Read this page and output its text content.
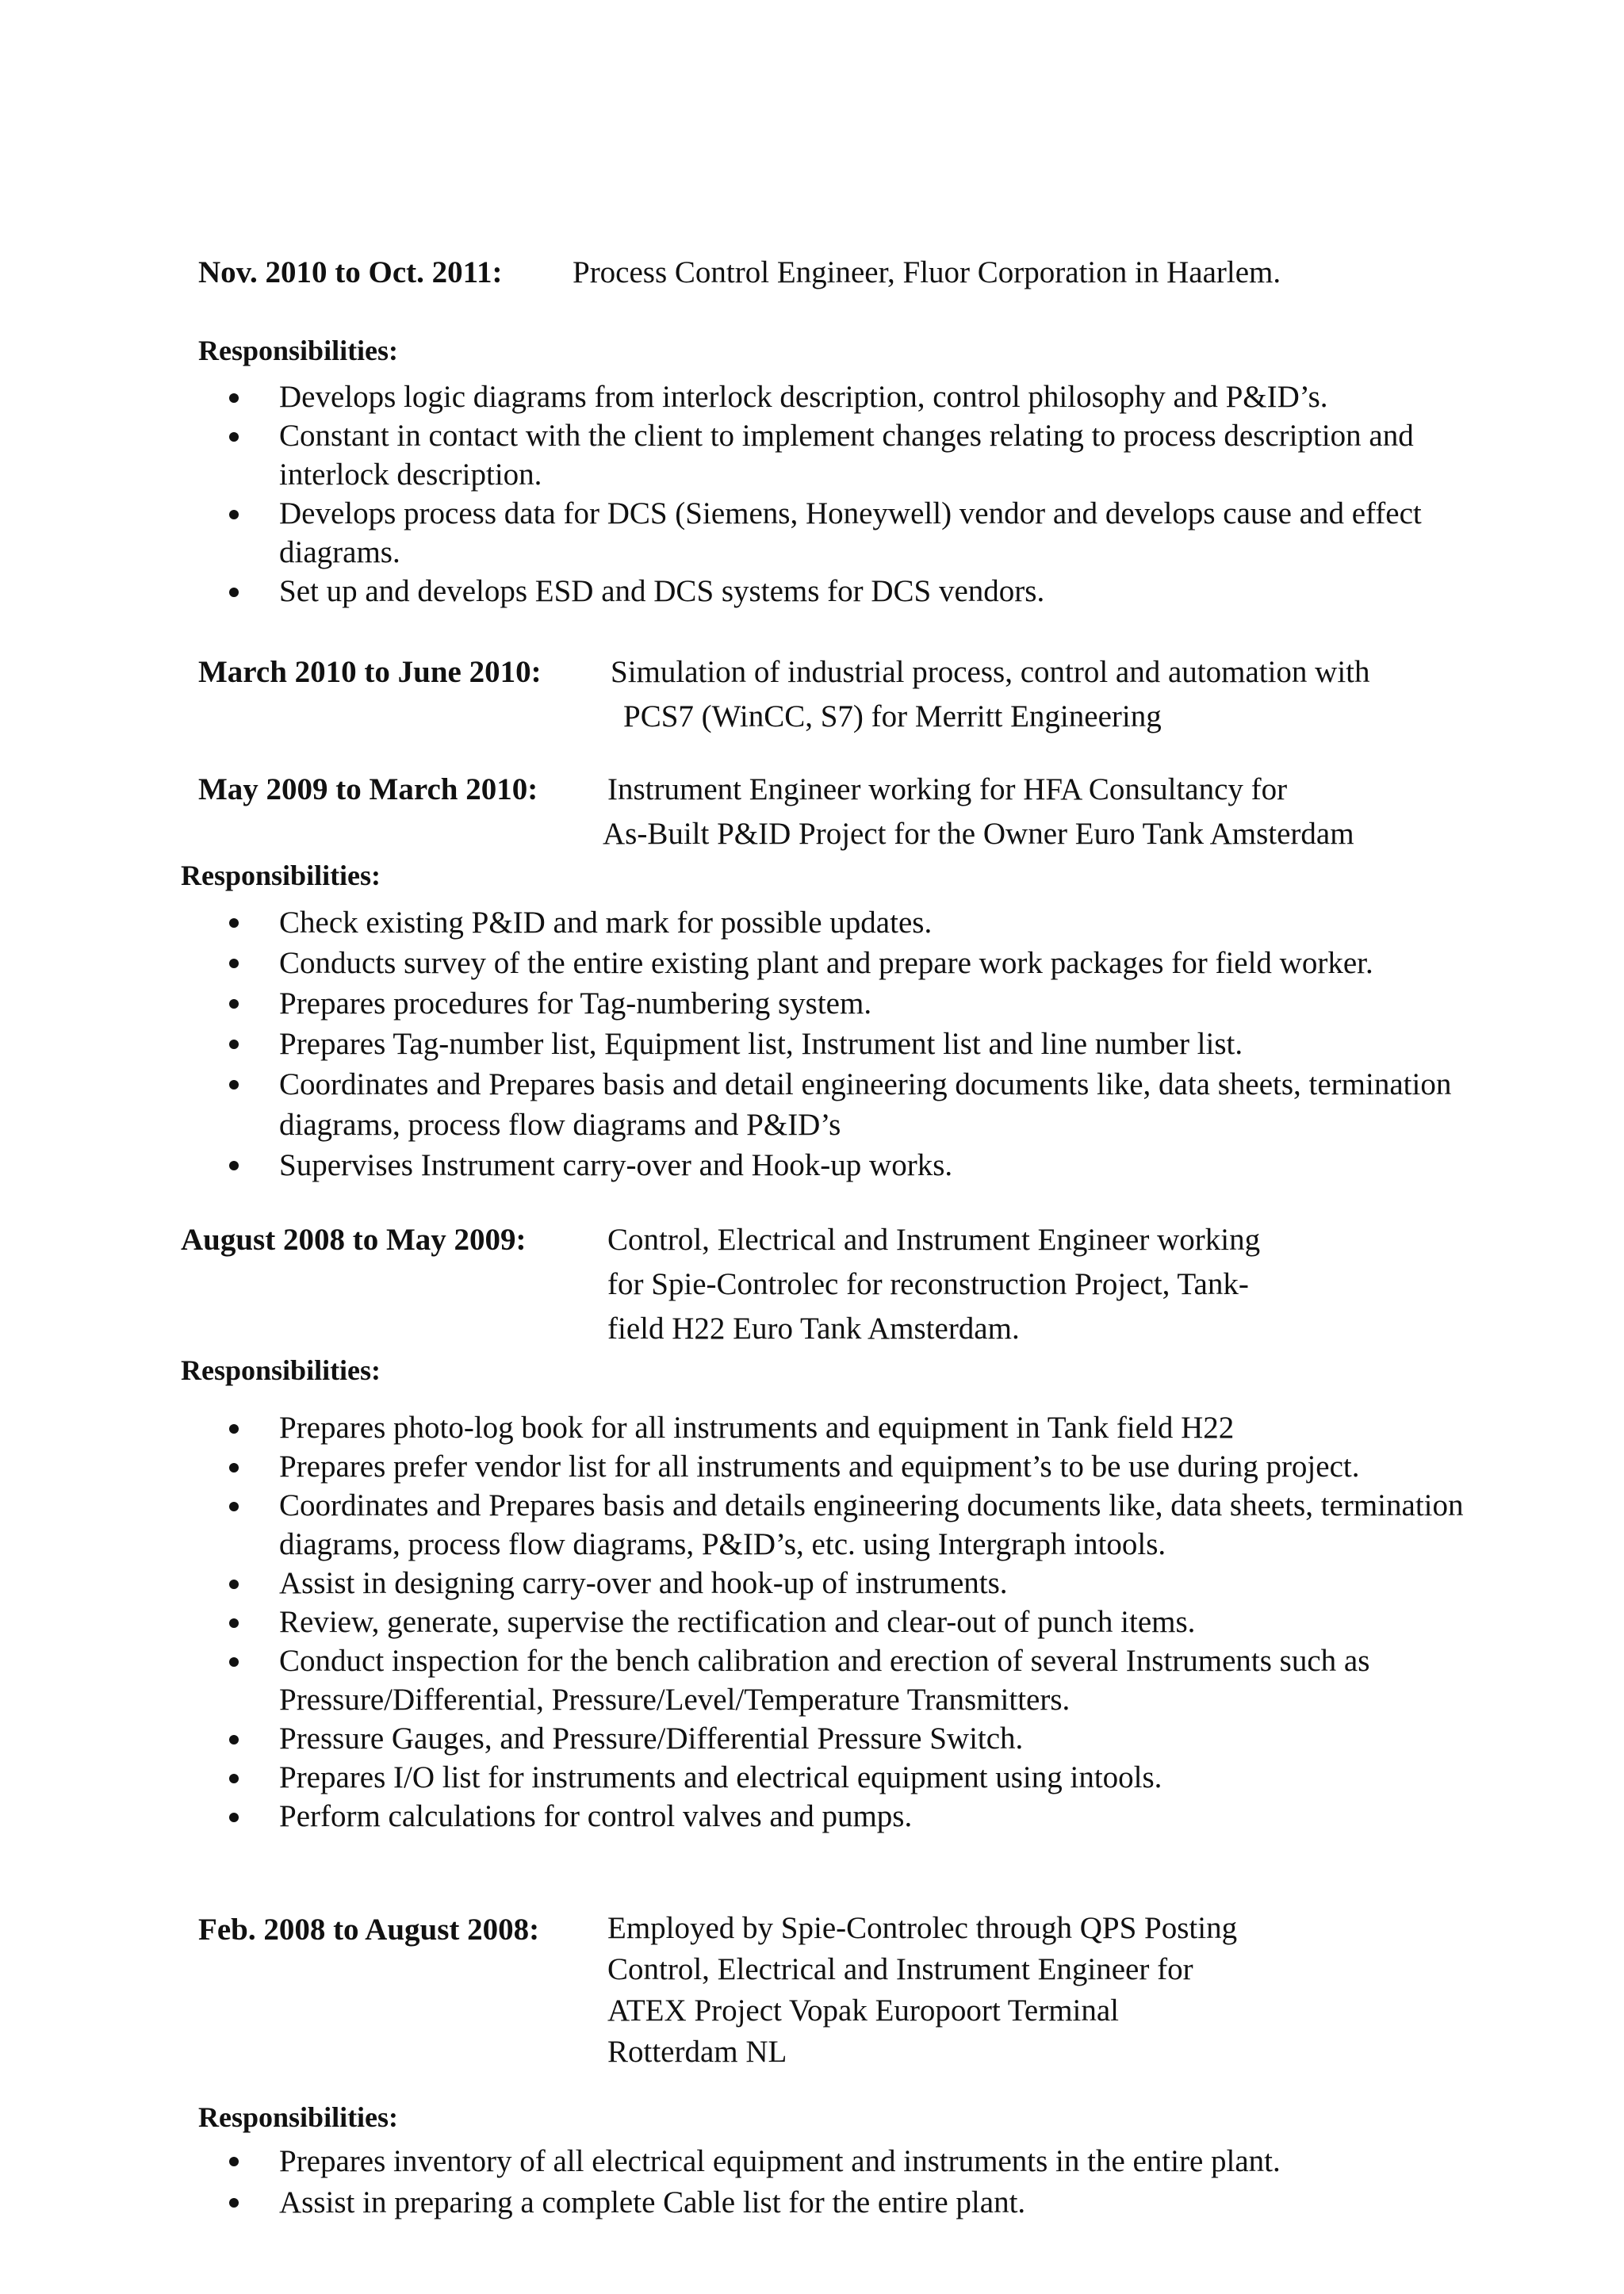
Nov. 2010 to Oct. 2011: Process Control Engineer, Fluor Corporation in Haarlem.
Responsibilities:
Develops logic diagrams from interlock description, control philosophy and P&ID’s.
Constant in contact with the client to implement changes relating to process description and interlock description.
Develops process data for DCS (Siemens, Honeywell) vendor and develops cause and effect diagrams.
Set up and develops ESD and DCS systems for DCS vendors.
March 2010 to June 2010: Simulation of industrial process, control and automation with
PCS7 (WinCC, S7) for Merritt Engineering
May 2009 to March 2010: Instrument Engineer working for HFA Consultancy for
As-Built P&ID Project for the Owner Euro Tank Amsterdam
Responsibilities:
Check existing P&ID and mark for possible updates.
Conducts survey of the entire existing plant and prepare work packages for field worker.
Prepares procedures for Tag-numbering system.
Prepares Tag-number list, Equipment list, Instrument list and line number list.
Coordinates and Prepares basis and detail engineering documents like, data sheets, termination diagrams, process flow diagrams and P&ID’s
Supervises Instrument carry-over and Hook-up works.
August 2008 to May 2009:	Control, Electrical and Instrument Engineer working
for Spie-Controlec for reconstruction Project, Tank-
field H22 Euro Tank Amsterdam.
Responsibilities:
Prepares photo-log book for all instruments and equipment in Tank field H22
Prepares prefer vendor list for all instruments and equipment’s to be use during project.
Coordinates and Prepares basis and details engineering documents like, data sheets, termination diagrams, process flow diagrams, P&ID’s, etc. using Intergraph intools.
Assist in designing carry-over and hook-up of instruments.
Review, generate, supervise the rectification and clear-out of punch items.
Conduct inspection for the bench calibration and erection of several Instruments such as Pressure/Differential, Pressure/Level/Temperature Transmitters.
Pressure Gauges, and Pressure/Differential Pressure Switch.
Prepares I/O list for instruments and electrical equipment using intools.
Perform calculations for control valves and pumps.
Feb. 2008 to August 2008: Employed by Spie-Controlec through QPS Posting
Control, Electrical and Instrument Engineer for
ATEX Project Vopak Europoort Terminal
Rotterdam NL
Responsibilities:
Prepares inventory of all electrical equipment and instruments in the entire plant.
Assist in preparing a complete Cable list for the entire plant.
